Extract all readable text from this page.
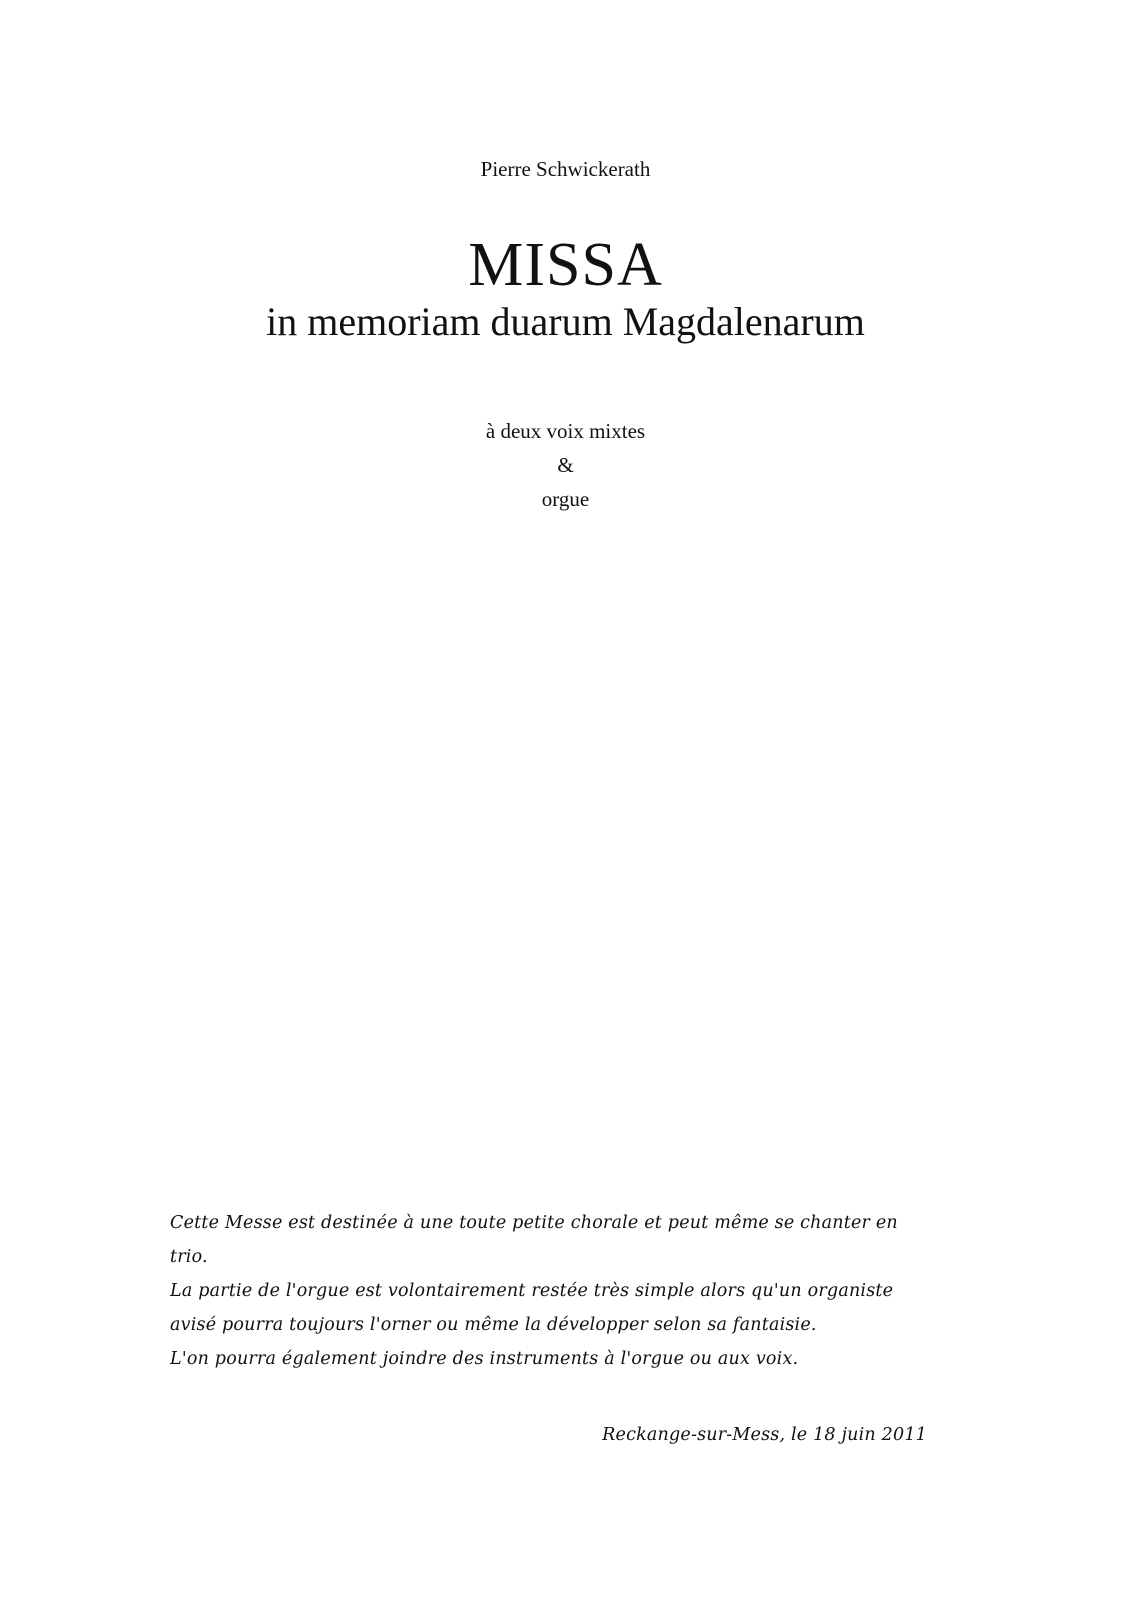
Pierre Schwickerath
MISSA
in memoriam duarum Magdalenarum
à deux voix mixtes
&
orgue

Cette Messe est destinée à une toute petite chorale et peut même se chanter en

trio.

La partie de l'orgue est volontairement restée très simple alors qu'un organiste

avisé pourra toujours l'orner ou même la développer selon sa fantaisie.

L'on pourra également joindre des instruments à l'orgue ou aux voix.

Reckange-sur-Mess, le 18 juin 2011
